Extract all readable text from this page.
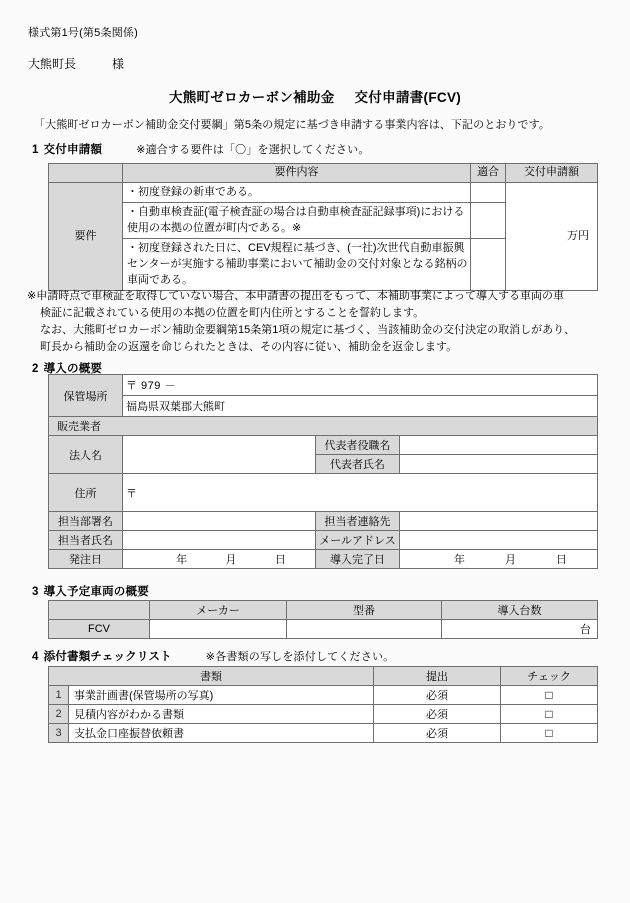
様式第1号(第5条関係)
大熊町長	様
大熊町ゼロカーボン補助金 交付申請書(FCV)
「大熊町ゼロカーボン補助金交付要綱」第5条の規定に基づき申請する事業内容は、下記のとおりです。
1 交付申請額	※適合する要件は「〇」を選択してください。
	要件内容	適合	交付申請額
要件	・初度登録の新車である。		万円
	・自動車検査証(電子検査証の場合は自動車検査証記録事項)における使用の本拠の位置が町内である。※		
	・初度登録された日に、CEV規程に基づき、(一社)次世代自動車振興センターが実施する補助事業において補助金の交付対象となる銘柄の車両である。		

※申請時点で車検証を取得していない場合、本申請書の提出をもって、本補助事業によって導入する車両の車

検証に記載されている使用の本拠の位置を町内住所とすることを誓約します。

なお、大熊町ゼロカーボン補助金要綱第15条第1項の規定に基づく、当該補助金の交付決定の取消しがあり、

町長から補助金の返還を命じられたときは、その内容に従い、補助金を返金します。

2 導入の概要
保管場所	〒 979 －		
	福島県双葉郡大熊町		
販売業者			
法人名		代表者役職名	
		代表者氏名	
住所	〒		
担当部署名		担当者連絡先	
担当者氏名		メールアドレス	
発注日	年 月 日	導入完了日	年 月 日
3 導入予定車両の概要
	メーカー	型番	導入台数
FCV			台
4 添付書類チェックリスト	※各書類の写しを添付してください。
書類		提出	チェック
1	事業計画書(保管場所の写真)	必須	□
2	見積内容がわかる書類	必須	□
3	支払金口座振替依頼書	必須	□
